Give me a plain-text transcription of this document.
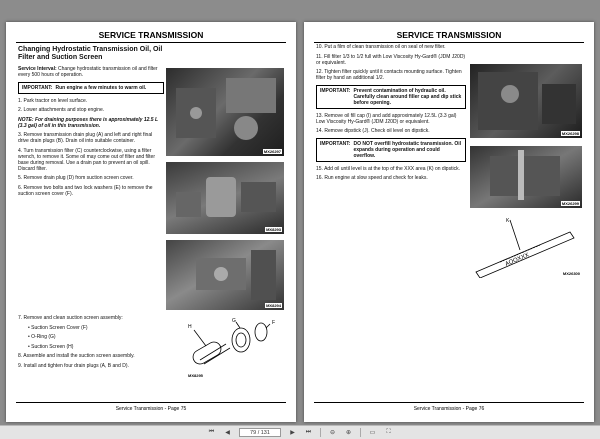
SERVICE TRANSMISSION
Changing Hydrostatic Transmission Oil, Oil Filter and Suction Screen

Service Interval: Change hydrostatic transmission oil and filter every 500 hours of operation.

IMPORTANT: Run engine a few minutes to warm oil.

1. Park tractor on level surface.

2. Lower attachments and stop engine.

NOTE: For draining purposes there is approximately 12.5 L (3.3 gal) of oil in this transmission.

3. Remove transmission drain plug (A) and left and right final drive drain plugs (B). Drain oil into suitable container.

4. Turn transmission filter (C) counterclockwise, using a filter wrench, to remove it. Some oil may come out of filter and filter base during removal. Use a drain pan to prevent an oil spill. Discard filter.

5. Remove drain plug (D) from suction screen cover.

6. Remove two bolts and two lock washers (E) to remove the suction screen cover (F).

MX26297
MX8293
MX8294

7. Remove and clean suction screen assembly:

• Suction Screen Cover (F)

• O-Ring (G)

• Suction Screen (H)

8. Assemble and install the suction screen assembly.

9. Install and tighten four drain plugs (A, B and D).

H
G	F
MX8295
Service Transmission - Page 75
SERVICE TRANSMISSION

10. Put a film of clean transmission oil on seal of new filter.

11. Fill filter 1/3 to 1/2 full with Low Viscosity Hy-Gard® (JDM J20D) or equivalent.

12. Tighten filter quickly until it contacts mounting surface. Tighten filter by hand an additional 1/2.

IMPORTANT: Prevent contamination of hydraulic oil. Carefully clean around filler cap and dip stick before opening.

13. Remove oil fill cap (I) and add approximately 12.5L (3.3 gal) Low Viscosity Hy-Gard® (JDM J20D) or equivalent.

14. Remove dipstick (J). Check oil level on dipstick.

IMPORTANT: DO NOT overfill hydrostatic transmission. Oil expands during operation and could overflow.

15. Add oil until level is at the top of the XXX area (K) on dipstick.

16. Run engine at slow speed and check for leaks.

MX26298
MX26299
AOOXXX
K
MX26300
Service Transmission - Page 76
⏮	◀	79 / 131	▶	⏭	⊖	⊕	▭	⛶
